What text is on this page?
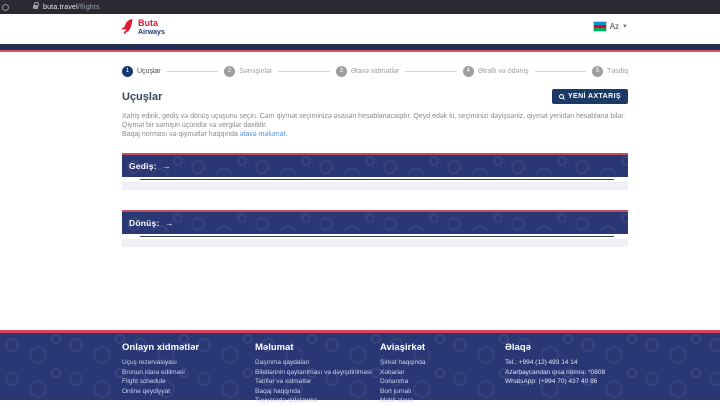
buta.travel/flights
Buta
Airways
Az ▼
1	Uçuşlar	2	Sərnişinlər	3	Əlavə xidmətlər	4	Ətraflı və ödəniş	5	Təsdiq
Uçuşlar	YENİ AXTARIŞ
Xahiş edirik, gediş və dönüş uçuşunu seçin. Cəm qiymət seçiminizə əsasən hesablanacaqdır. Qeyd edək ki, seçiminizi dəyişsəniz, qiymət yenidən hesablana bilər. Qiymət bir sərnişin üçündür və vergilər daxildir.
Baqaj norması və qiymətlər haqqında əlavə məlumat.
Gediş: →
Dönüş: →
Onlayn xidmətlər
Uçuş rezervasiyası
Bronun idarə edilməsi
Flight schedule
Online qeydiyyat
Məlumat
Daşınma qaydaları
Biletlərinin qaytarılması və dəyişdirilməsi
Tariflər və xidmətlər
Baqaj haqqında
Təyyarədə qidalanma
Aviaşirkət
Şirkət haqqında
Xəbərlər
Donanma
Bort jurnalı
Mobil əlavə
Əlaqə
Tel.: +994 (12) 493 14 14
Azərbaycandan qısa nömrə: *0808
WhatsApp: (+994 70) 437 40 86
